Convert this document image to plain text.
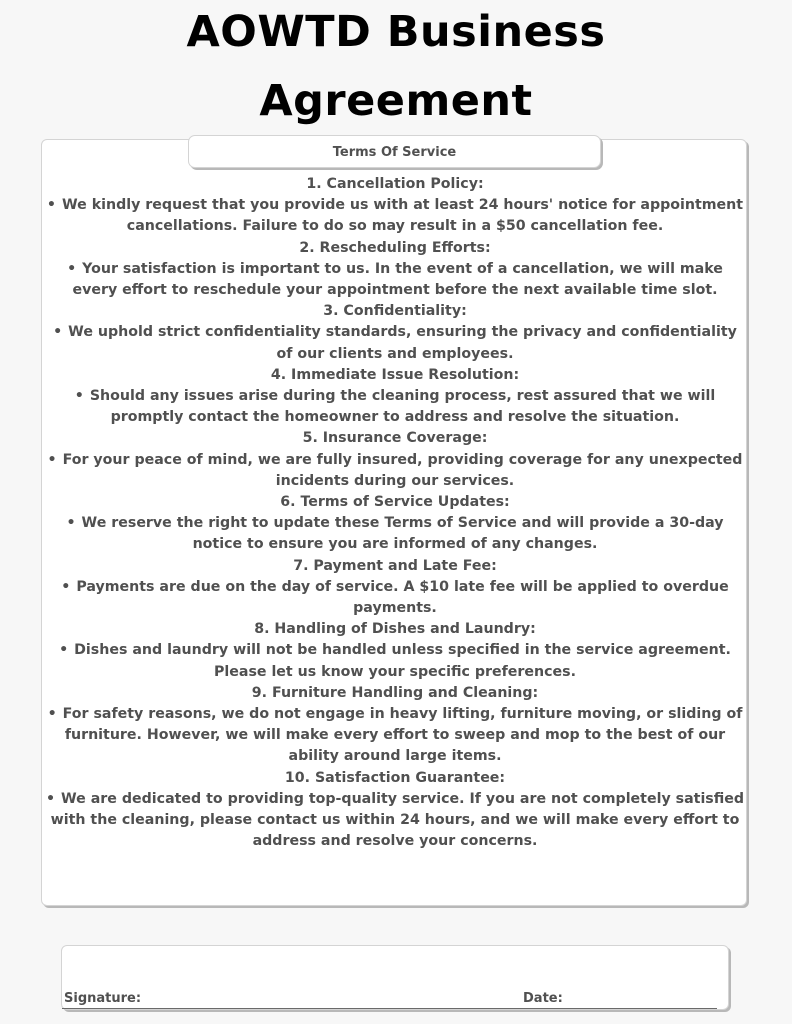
AOWTD Business
Agreement
Terms Of Service
1. Cancellation Policy:
• We kindly request that you provide us with at least 24 hours' notice for appointment cancellations. Failure to do so may result in a $50 cancellation fee.
2. Rescheduling Efforts:
• Your satisfaction is important to us. In the event of a cancellation, we will make every effort to reschedule your appointment before the next available time slot.
3. Confidentiality:
• We uphold strict confidentiality standards, ensuring the privacy and confidentiality of our clients and employees.
4. Immediate Issue Resolution:
• Should any issues arise during the cleaning process, rest assured that we will promptly contact the homeowner to address and resolve the situation.
5. Insurance Coverage:
• For your peace of mind, we are fully insured, providing coverage for any unexpected incidents during our services.
6. Terms of Service Updates:
• We reserve the right to update these Terms of Service and will provide a 30-day notice to ensure you are informed of any changes.
7. Payment and Late Fee:
• Payments are due on the day of service. A $10 late fee will be applied to overdue payments.
8. Handling of Dishes and Laundry:
• Dishes and laundry will not be handled unless specified in the service agreement. Please let us know your specific preferences.
9. Furniture Handling and Cleaning:
• For safety reasons, we do not engage in heavy lifting, furniture moving, or sliding of furniture. However, we will make every effort to sweep and mop to the best of our ability around large items.
10. Satisfaction Guarantee:
• We are dedicated to providing top-quality service. If you are not completely satisfied with the cleaning, please contact us within 24 hours, and we will make every effort to address and resolve your concerns.
Signature:	Date:
